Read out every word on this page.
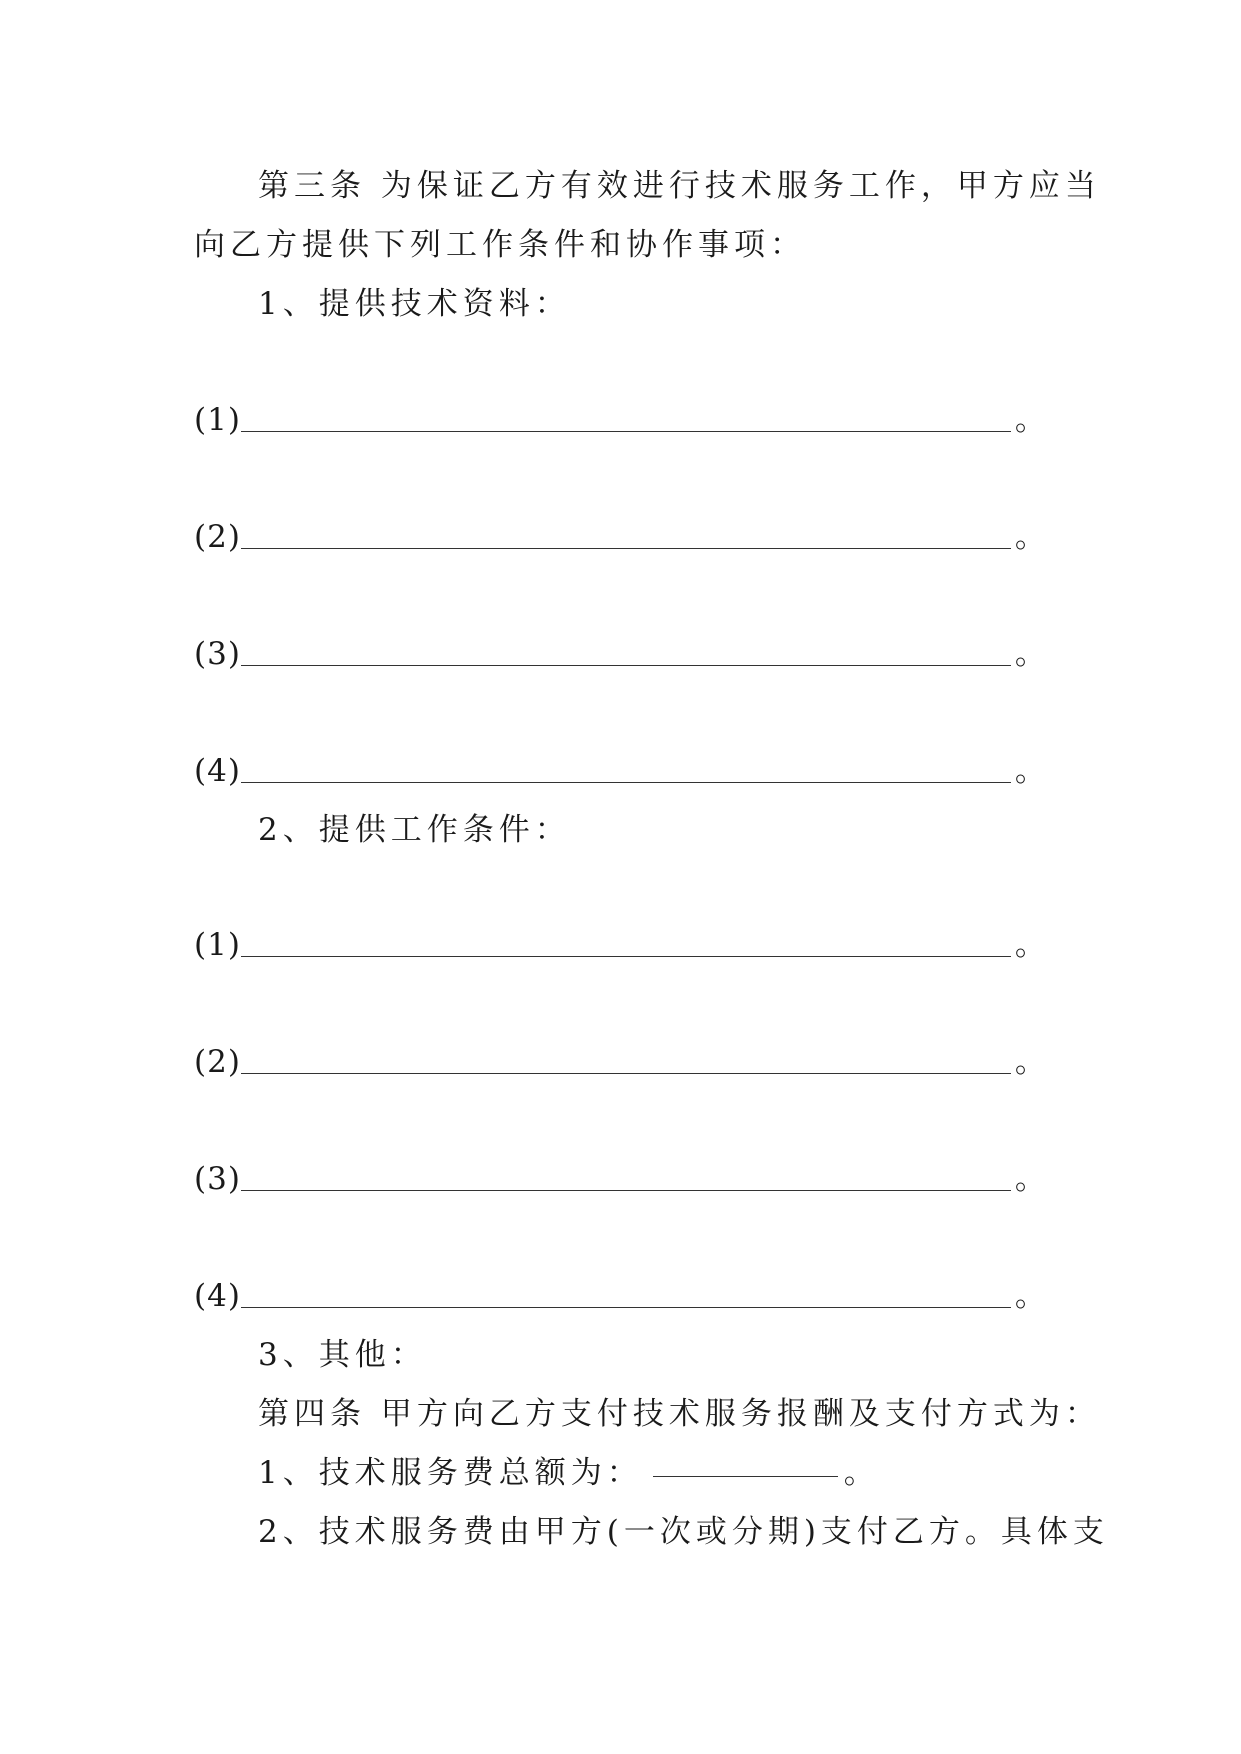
第三条 为保证乙方有效进行技术服务工作，甲方应当
向乙方提供下列工作条件和协作事项：
1、提供技术资料：
(1)	。
(2)	。
(3)	。
(4)	。
2、提供工作条件：
(1)	。
(2)	。
(3)	。
(4)	。
3、其他：
第四条 甲方向乙方支付技术服务报酬及支付方式为：
1、技术服务费总额为：	。
2、技术服务费由甲方(一次或分期)支付乙方。具体支
